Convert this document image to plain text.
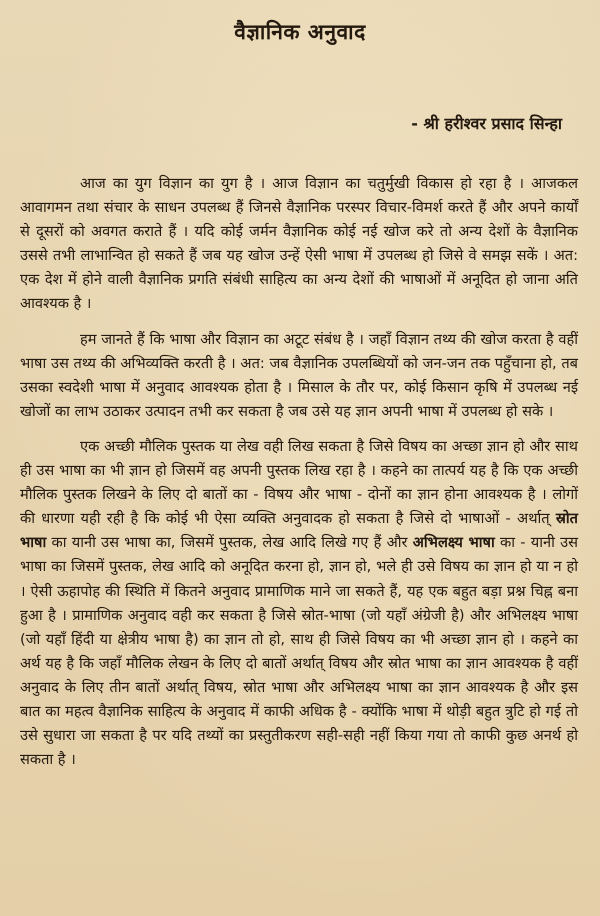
वैज्ञानिक अनुवाद
- श्री हरीश्वर प्रसाद सिन्हा

आज का युग विज्ञान का युग है । आज विज्ञान का चतुर्मुखी विकास हो रहा है । आजकल आवागमन तथा संचार के साधन उपलब्ध हैं जिनसे वैज्ञानिक परस्पर विचार-विमर्श करते हैं और अपने कार्यों से दूसरों को अवगत कराते हैं । यदि कोई जर्मन वैज्ञानिक कोई नई खोज करे तो अन्य देशों के वैज्ञानिक उससे तभी लाभान्वित हो सकते हैं जब यह खोज उन्हें ऐसी भाषा में उपलब्ध हो जिसे वे समझ सकें । अत: एक देश में होने वाली वैज्ञानिक प्रगति संबंधी साहित्य का अन्य देशों की भाषाओं में अनूदित हो जाना अति आवश्यक है ।

हम जानते हैं कि भाषा और विज्ञान का अटूट संबंध है । जहाँ विज्ञान तथ्य की खोज करता है वहीं भाषा उस तथ्य की अभिव्यक्ति करती है । अत: जब वैज्ञानिक उपलब्धियों को जन-जन तक पहुँचाना हो, तब उसका स्वदेशी भाषा में अनुवाद आवश्यक होता है । मिसाल के तौर पर, कोई किसान कृषि में उपलब्ध नई खोजों का लाभ उठाकर उत्पादन तभी कर सकता है जब उसे यह ज्ञान अपनी भाषा में उपलब्ध हो सके ।

एक अच्छी मौलिक पुस्तक या लेख वही लिख सकता है जिसे विषय का अच्छा ज्ञान हो और साथ ही उस भाषा का भी ज्ञान हो जिसमें वह अपनी पुस्तक लिख रहा है । कहने का तात्पर्य यह है कि एक अच्छी मौलिक पुस्तक लिखने के लिए दो बातों का - विषय और भाषा - दोनों का ज्ञान होना आवश्यक है । लोगों की धारणा यही रही है कि कोई भी ऐसा व्यक्ति अनुवादक हो सकता है जिसे दो भाषाओं - अर्थात् स्रोत भाषा का यानी उस भाषा का, जिसमें पुस्तक, लेख आदि लिखे गए हैं और अभिलक्ष्य भाषा का - यानी उस भाषा का जिसमें पुस्तक, लेख आदि को अनूदित करना हो, ज्ञान हो, भले ही उसे विषय का ज्ञान हो या न हो । ऐसी ऊहापोह की स्थिति में कितने अनुवाद प्रामाणिक माने जा सकते हैं, यह एक बहुत बड़ा प्रश्न चिह्न बना हुआ है । प्रामाणिक अनुवाद वही कर सकता है जिसे स्रोत-भाषा (जो यहाँ अंग्रेजी है) और अभिलक्ष्य भाषा (जो यहाँ हिंदी या क्षेत्रीय भाषा है) का ज्ञान तो हो, साथ ही जिसे विषय का भी अच्छा ज्ञान हो । कहने का अर्थ यह है कि जहाँ मौलिक लेखन के लिए दो बातों अर्थात् विषय और स्रोत भाषा का ज्ञान आवश्यक है वहीं अनुवाद के लिए तीन बातों अर्थात् विषय, स्रोत भाषा और अभिलक्ष्य भाषा का ज्ञान आवश्यक है और इस बात का महत्व वैज्ञानिक साहित्य के अनुवाद में काफी अधिक है - क्योंकि भाषा में थोड़ी बहुत त्रुटि हो गई तो उसे सुधारा जा सकता है पर यदि तथ्यों का प्रस्तुतीकरण सही-सही नहीं किया गया तो काफी कुछ अनर्थ हो सकता है ।
